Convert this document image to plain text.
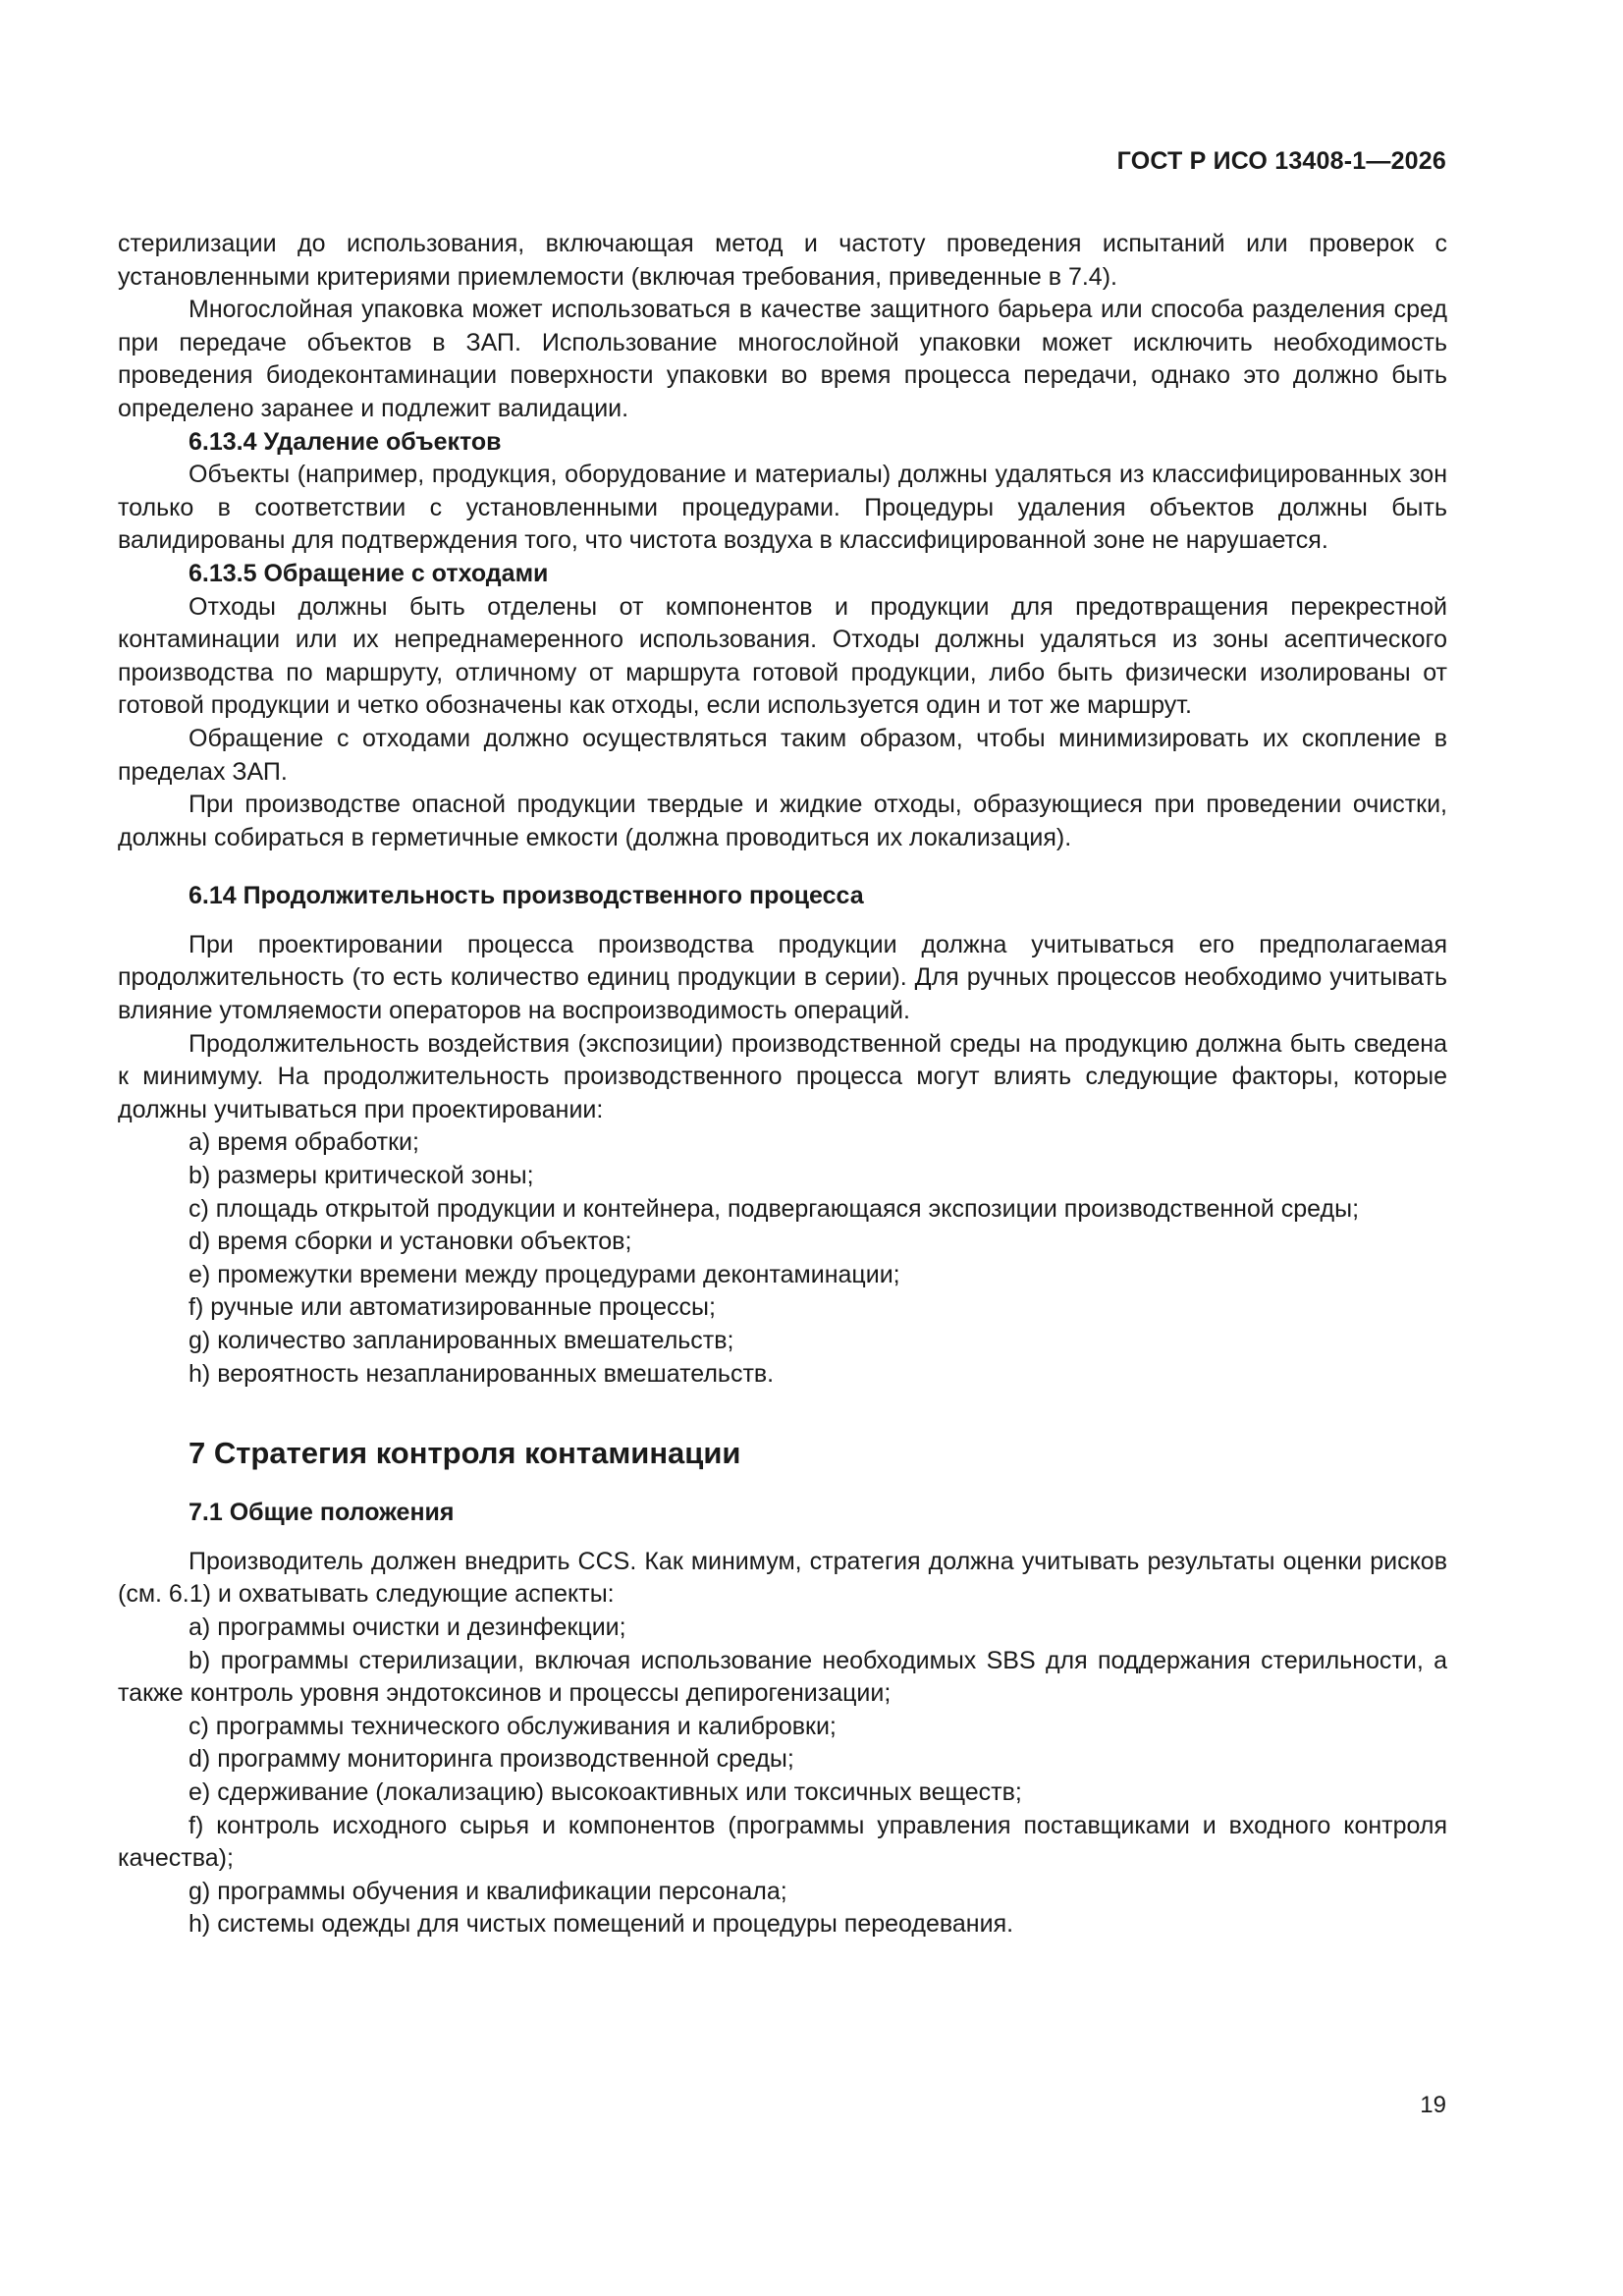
ГОСТ Р ИСО 13408-1—2026

стерилизации до использования, включающая метод и частоту проведения испытаний или проверок с установленными критериями приемлемости (включая требования, приведенные в 7.4).

Многослойная упаковка может использоваться в качестве защитного барьера или способа разделения сред при передаче объектов в ЗАП. Использование многослойной упаковки может исключить необходимость проведения биодеконтаминации поверхности упаковки во время процесса передачи, однако это должно быть определено заранее и подлежит валидации.

6.13.4 Удаление объектов

Объекты (например, продукция, оборудование и материалы) должны удаляться из классифицированных зон только в соответствии с установленными процедурами. Процедуры удаления объектов должны быть валидированы для подтверждения того, что чистота воздуха в классифицированной зоне не нарушается.

6.13.5 Обращение с отходами

Отходы должны быть отделены от компонентов и продукции для предотвращения перекрестной контаминации или их непреднамеренного использования. Отходы должны удаляться из зоны асептического производства по маршруту, отличному от маршрута готовой продукции, либо быть физически изолированы от готовой продукции и четко обозначены как отходы, если используется один и тот же маршрут.

Обращение с отходами должно осуществляться таким образом, чтобы минимизировать их скопление в пределах ЗАП.

При производстве опасной продукции твердые и жидкие отходы, образующиеся при проведении очистки, должны собираться в герметичные емкости (должна проводиться их локализация).

6.14 Продолжительность производственного процесса

При проектировании процесса производства продукции должна учитываться его предполагаемая продолжительность (то есть количество единиц продукции в серии). Для ручных процессов необходимо учитывать влияние утомляемости операторов на воспроизводимость операций.

Продолжительность воздействия (экспозиции) производственной среды на продукцию должна быть сведена к минимуму. На продолжительность производственного процесса могут влиять следующие факторы, которые должны учитываться при проектировании:

a) время обработки;

b) размеры критической зоны;

c) площадь открытой продукции и контейнера, подвергающаяся экспозиции производственной среды;

d) время сборки и установки объектов;

e) промежутки времени между процедурами деконтаминации;

f) ручные или автоматизированные процессы;

g) количество запланированных вмешательств;

h) вероятность незапланированных вмешательств.

7 Стратегия контроля контаминации

7.1 Общие положения

Производитель должен внедрить CCS. Как минимум, стратегия должна учитывать результаты оценки рисков (см. 6.1) и охватывать следующие аспекты:

a) программы очистки и дезинфекции;

b) программы стерилизации, включая использование необходимых SBS для поддержания стерильности, а также контроль уровня эндотоксинов и процессы депирогенизации;

c) программы технического обслуживания и калибровки;

d) программу мониторинга производственной среды;

e) сдерживание (локализацию) высокоактивных или токсичных веществ;

f) контроль исходного сырья и компонентов (программы управления поставщиками и входного контроля качества);

g) программы обучения и квалификации персонала;

h) системы одежды для чистых помещений и процедуры переодевания.

19
